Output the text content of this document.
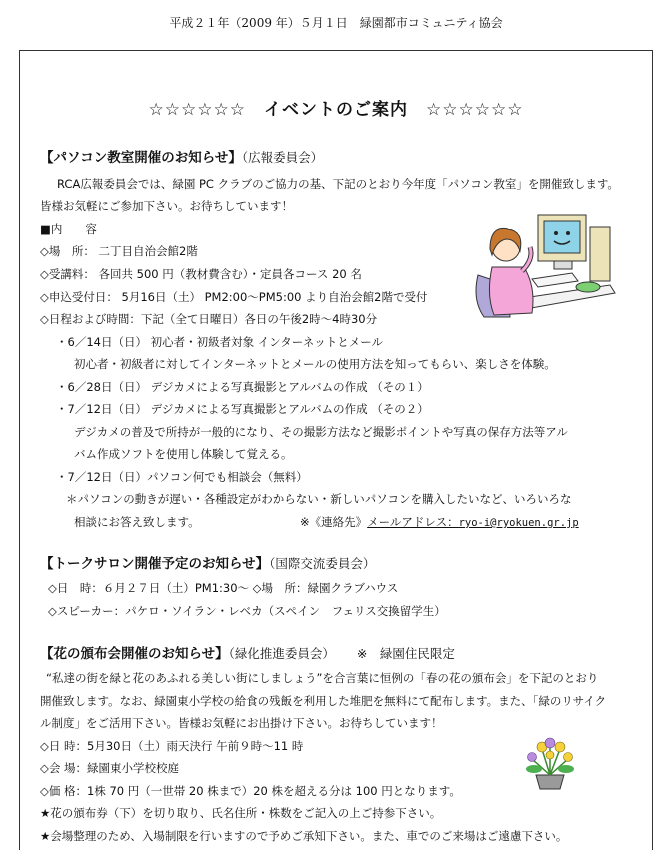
平成２１年（2009 年）５月１日　緑園都市コミュニティ協会
☆☆☆☆☆☆　イベントのご案内　☆☆☆☆☆☆
【パソコン教室開催のお知らせ】（広報委員会）
RCA広報委員会では、緑園 PC クラブのご協力の基、下記のとおり今年度「パソコン教室」を開催致します。
皆様お気軽にご参加下さい。お待ちしています！
■内　　容
◇場　所： 二丁目自治会館2階
◇受講料： 各回共 500 円（教材費含む）・定員各コース 20 名
◇申込受付日： 5月16日（土） PM2:00～PM5:00 より自治会館2階で受付
◇日程および時間：下記（全て日曜日）各日の午後2時～4時30分
・6／14日（日） 初心者・初級者対象 インターネットとメール
初心者・初級者に対してインターネットとメールの使用方法を知ってもらい、楽しさを体験。
・6／28日（日） デジカメによる写真撮影とアルバムの作成 （その１）
・7／12日（日） デジカメによる写真撮影とアルバムの作成 （その２）
デジカメの普及で所持が一般的になり、その撮影方法など撮影ポイントや写真の保存方法等アル
バム作成ソフトを使用し体験して覚える。
・7／12日（日）パソコン何でも相談会（無料）
＊パソコンの動きが遅い・各種設定がわからない・新しいパソコンを購入したいなど、いろいろな
相談にお答え致します。	※《連絡先》メールアドレス：ryo-i@ryokuen.gr.jp
【トークサロン開催予定のお知らせ】（国際交流委員会）
◇日　時：６月２７日（土）PM1:30～ ◇場　所：緑園クラブハウス
◇スピーカー：パケロ・ソイラン・レベカ（スペイン　フェリス交換留学生）
【花の頒布会開催のお知らせ】（緑化推進委員会） ※　緑園住民限定
“私達の街を緑と花のあふれる美しい街にしましょう”を合言葉に恒例の「春の花の頒布会」を下記のとおり
開催致します。なお、緑園東小学校の給食の残飯を利用した堆肥を無料にて配布します。また、「緑のリサイク
ル制度」をご活用下さい。皆様お気軽にお出掛け下さい。お待ちしています！
◇日 時：5月30日（土）雨天決行 午前９時～11 時
◇会 場：緑園東小学校校庭
◇価 格：1株 70 円（一世帯 20 株まで）20 株を超える分は 100 円となります。
★花の頒布券（下）を切り取り、氏名住所・株数をご記入の上ご持参下さい。
★会場整理のため、入場制限を行いますので予めご承知下さい。また、車でのご来場はご遠慮下さい。
